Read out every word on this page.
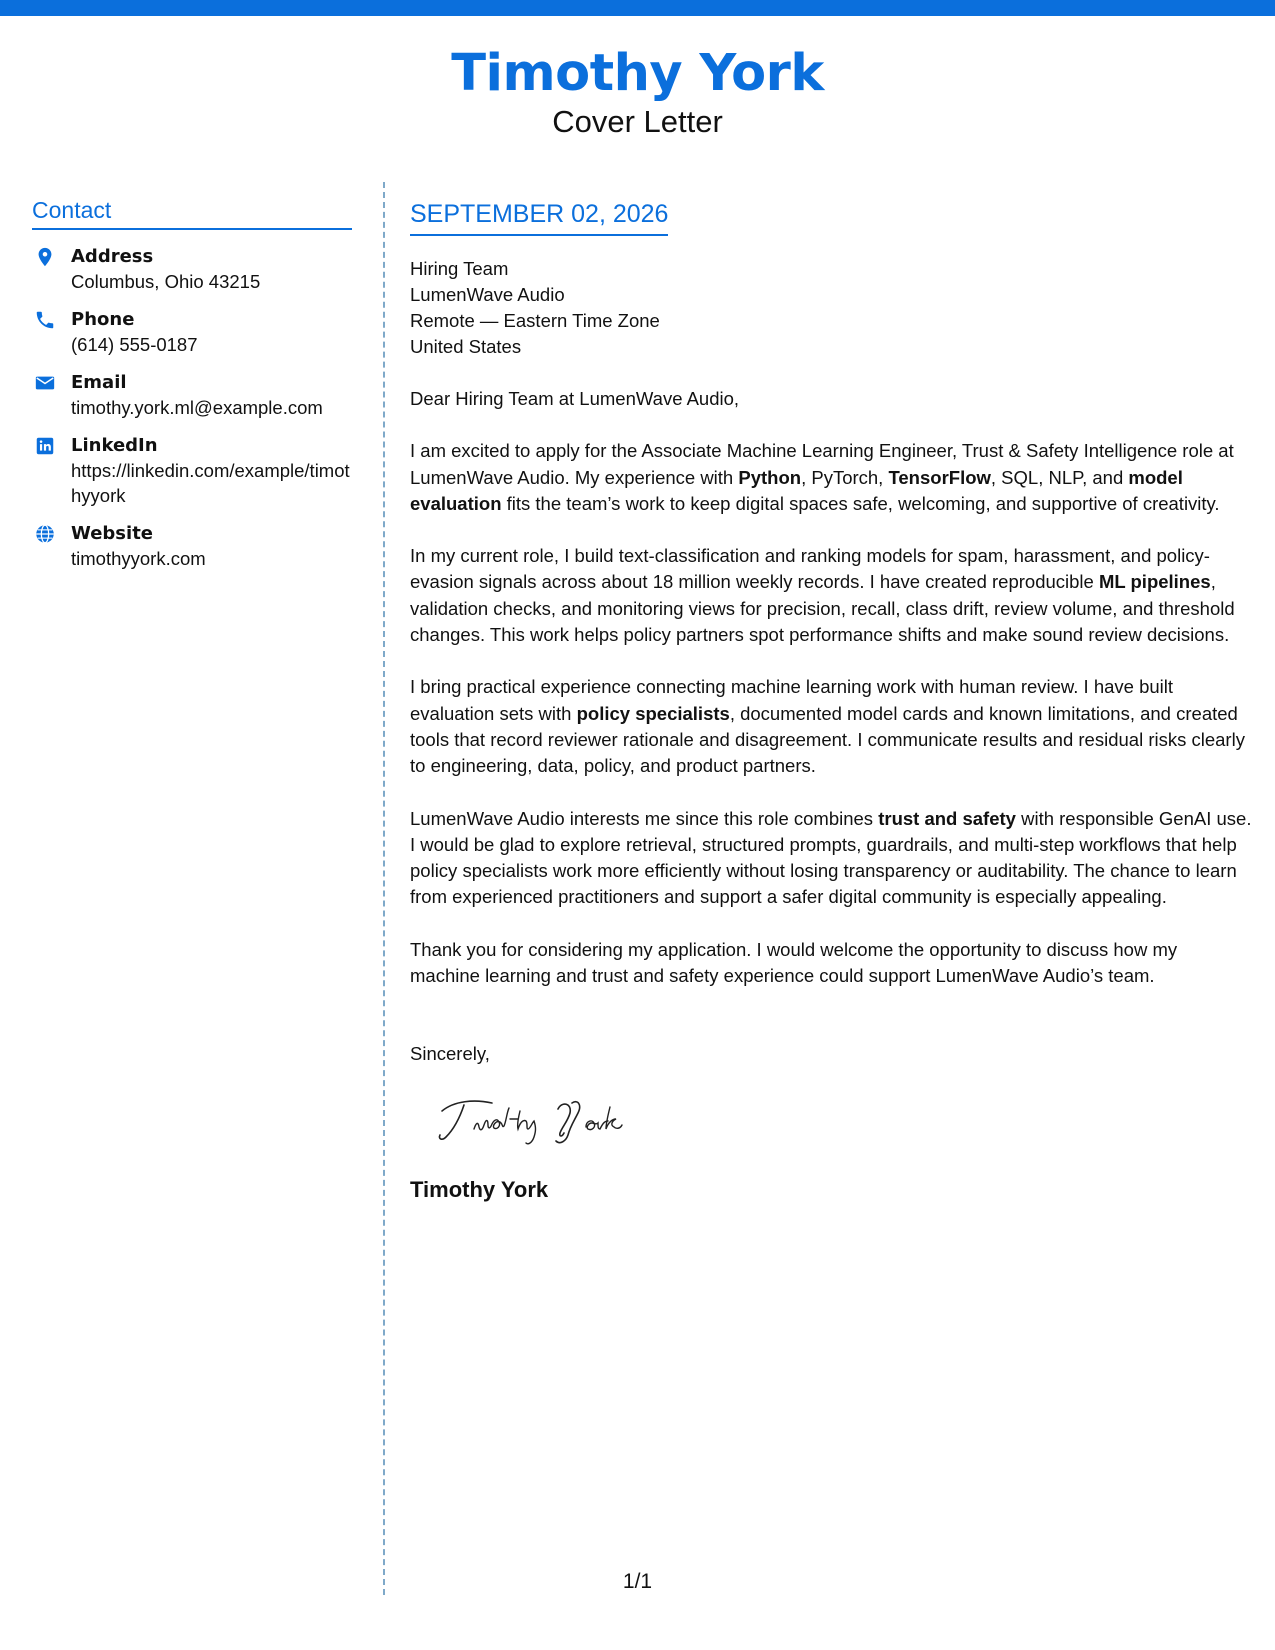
Timothy York
Cover Letter
Contact
Address
Columbus, Ohio 43215
Phone
(614) 555-0187
Email
timothy.york.ml@example.com
LinkedIn
https://linkedin.com/example/timothyyork
Website
timothyyork.com
SEPTEMBER 02, 2026
Hiring Team
LumenWave Audio
Remote — Eastern Time Zone
United States

Dear Hiring Team at LumenWave Audio,

I am excited to apply for the Associate Machine Learning Engineer, Trust & Safety Intelligence role at LumenWave Audio. My experience with Python, PyTorch, TensorFlow, SQL, NLP, and model evaluation fits the team’s work to keep digital spaces safe, welcoming, and supportive of creativity.

In my current role, I build text-classification and ranking models for spam, harassment, and policy-evasion signals across about 18 million weekly records. I have created reproducible ML pipelines, validation checks, and monitoring views for precision, recall, class drift, review volume, and threshold changes. This work helps policy partners spot performance shifts and make sound review decisions.

I bring practical experience connecting machine learning work with human review. I have built evaluation sets with policy specialists, documented model cards and known limitations, and created tools that record reviewer rationale and disagreement. I communicate results and residual risks clearly to engineering, data, policy, and product partners.

LumenWave Audio interests me since this role combines trust and safety with responsible GenAI use. I would be glad to explore retrieval, structured prompts, guardrails, and multi-step workflows that help policy specialists work more efficiently without losing transparency or auditability. The chance to learn from experienced practitioners and support a safer digital community is especially appealing.

Thank you for considering my application. I would welcome the opportunity to discuss how my machine learning and trust and safety experience could support LumenWave Audio’s team.

Sincerely,
Timothy York
1/1
